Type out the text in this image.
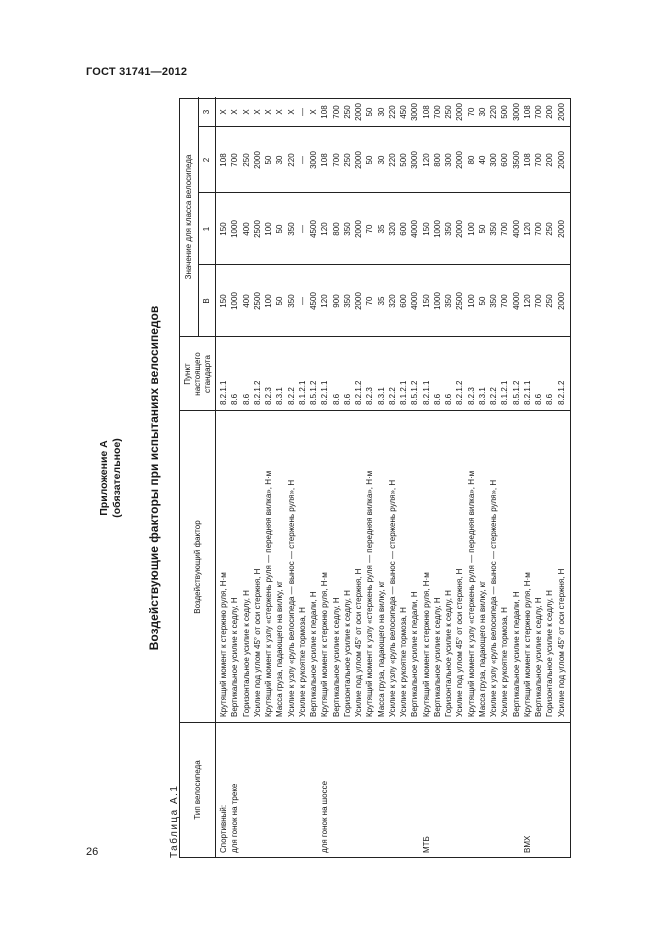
ГОСТ 31741—2012
26
Приложение А (обязательное) Воздействующие факторы при испытаниях велосипедов
Таблица А.1	Тип велосипеда
Воздействующий фактор
Пункт настоящего стандарта
Значение для класса велосипеда
В
1
2
3
Спортивный:
Крутящий момент к стержню руля, Н·м
8.2.1.1
150
150
108
X
для гонок на треке
Вертикальное усилие к седлу, Н
8.6
1000
1000
700
X
Горизонтальное усилие к седлу, Н
8.6
400
400
250
X
Усилие под углом 45° от оси стержня, Н
8.2.1.2
2500
2500
2000
X
Крутящий момент к узлу «стержень руля — передняя вилка», Н·м
8.2.3
100
100
50
X
Масса груза, падающего на вилку, кг
8.3.1
50
50
30
X
Усилие к узлу «руль велосипеда — вынос — стержень руля», Н
8.2.2
350
350
220
X
Усилие к рукоятке тормоза, Н
8.1.2.1
—
—
—
—
Вертикальное усилие к педали, Н
8.5.1.2
4500
4500
3000
X
для гонок на шоссе
Крутящий момент к стержню руля, Н·м
8.2.1.1
120
120
108
108
Вертикальное усилие к седлу, Н
8.6
900
800
700
700
Горизонтальное усилие к седлу, Н
8.6
350
350
250
250
Усилие под углом 45° от оси стержня, Н
8.2.1.2
2000
2000
2000
2000
Крутящий момент к узлу «стержень руля — передняя вилка», Н·м
8.2.3
70
70
50
50
Масса груза, падающего на вилку, кг
8.3.1
35
35
30
30
Усилие к узлу «руль велосипеда — вынос — стержень руля», Н
8.2.2
320
320
220
220
Усилие к рукоятке тормоза, Н
8.1.2.1
600
600
500
450
Вертикальное усилие к педали, Н
8.5.1.2
4000
4000
3000
3000
МТБ
Крутящий момент к стержню руля, Н·м
8.2.1.1
150
150
120
108
Вертикальное усилие к седлу, Н
8.6
1000
1000
800
700
Горизонтальное усилие к седлу, Н
8.6
350
350
300
250
Усилие под углом 45° от оси стержня, Н
8.2.1.2
2500
2000
2000
2000
Крутящий момент к узлу «стержень руля — передняя вилка», Н·м
8.2.3
100
100
80
70
Масса груза, падающего на вилку, кг
8.3.1
50
50
40
30
Усилие к узлу «руль велосипеда — вынос — стержень руля», Н
8.2.2
350
350
300
220
Усилие к рукоятке тормоза, Н
8.1.2.1
700
700
600
500
Вертикальное усилие к педали, Н
8.5.1.2
4000
4000
3500
3000
ВМХ
Крутящий момент к стержню руля, Н·м
8.2.1.1
120
120
108
108
Вертикальное усилие к седлу, Н
8.6
700
700
700
700
Горизонтальное усилие к седлу, Н
8.6
250
250
200
200
Усилие под углом 45° от оси стержня, Н
8.2.1.2
2000
2000
2000
2000
